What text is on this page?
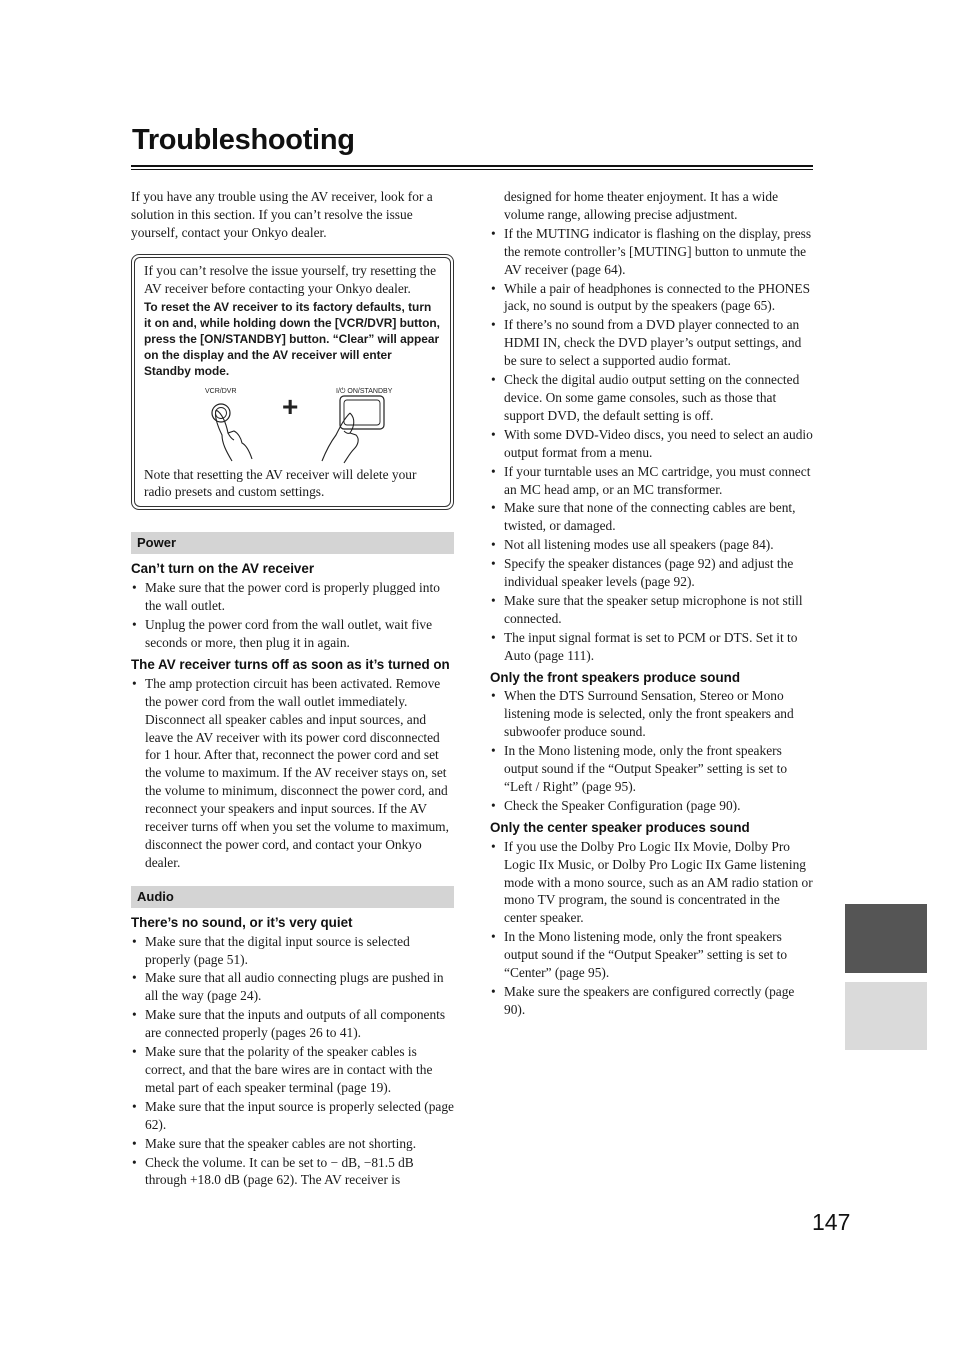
Troubleshooting

If you have any trouble using the AV receiver, look for a solution in this section. If you can’t resolve the issue yourself, contact your Onkyo dealer.

If you can’t resolve the issue yourself, try resetting the AV receiver before contacting your Onkyo dealer.

To reset the AV receiver to its factory defaults, turn it on and, while holding down the [VCR/DVR] button, press the [ON/STANDBY] button. “Clear” will appear on the display and the AV receiver will enter Standby mode.

VCR/DVR	I/⏻ ON/STANDBY
+

Note that resetting the AV receiver will delete your radio presets and custom settings.

Power
Can’t turn on the AV receiver
• Make sure that the power cord is properly plugged into the wall outlet.
• Unplug the power cord from the wall outlet, wait five seconds or more, then plug it in again.
The AV receiver turns off as soon as it’s turned on
• The amp protection circuit has been activated. Remove the power cord from the wall outlet immediately. Disconnect all speaker cables and input sources, and leave the AV receiver with its power cord disconnected for 1 hour. After that, reconnect the power cord and set the volume to maximum. If the AV receiver stays on, set the volume to minimum, disconnect the power cord, and reconnect your speakers and input sources. If the AV receiver turns off when you set the volume to maximum, disconnect the power cord, and contact your Onkyo dealer.
Audio
There’s no sound, or it’s very quiet
• Make sure that the digital input source is selected properly (page 51).
• Make sure that all audio connecting plugs are pushed in all the way (page 24).
• Make sure that the inputs and outputs of all components are connected properly (pages 26 to 41).
• Make sure that the polarity of the speaker cables is correct, and that the bare wires are in contact with the metal part of each speaker terminal (page 19).
• Make sure that the input source is properly selected (page 62).
• Make sure that the speaker cables are not shorting.
• Check the volume. It can be set to − dB, −81.5 dB through +18.0 dB (page 62). The AV receiver is

designed for home theater enjoyment. It has a wide volume range, allowing precise adjustment.

• If the MUTING indicator is flashing on the display, press the remote controller’s [MUTING] button to unmute the AV receiver (page 64).
• While a pair of headphones is connected to the PHONES jack, no sound is output by the speakers (page 65).
• If there’s no sound from a DVD player connected to an HDMI IN, check the DVD player’s output settings, and be sure to select a supported audio format.
• Check the digital audio output setting on the connected device. On some game consoles, such as those that support DVD, the default setting is off.
• With some DVD-Video discs, you need to select an audio output format from a menu.
• If your turntable uses an MC cartridge, you must connect an MC head amp, or an MC transformer.
• Make sure that none of the connecting cables are bent, twisted, or damaged.
• Not all listening modes use all speakers (page 84).
• Specify the speaker distances (page 92) and adjust the individual speaker levels (page 92).
• Make sure that the speaker setup microphone is not still connected.
• The input signal format is set to PCM or DTS. Set it to Auto (page 111).
Only the front speakers produce sound
• When the DTS Surround Sensation, Stereo or Mono listening mode is selected, only the front speakers and subwoofer produce sound.
• In the Mono listening mode, only the front speakers output sound if the “Output Speaker” setting is set to “Left / Right” (page 95).
• Check the Speaker Configuration (page 90).
Only the center speaker produces sound
• If you use the Dolby Pro Logic IIx Movie, Dolby Pro Logic IIx Music, or Dolby Pro Logic IIx Game listening mode with a mono source, such as an AM radio station or mono TV program, the sound is concentrated in the center speaker.
• In the Mono listening mode, only the front speakers output sound if the “Output Speaker” setting is set to “Center” (page 95).
• Make sure the speakers are configured correctly (page 90).
147
